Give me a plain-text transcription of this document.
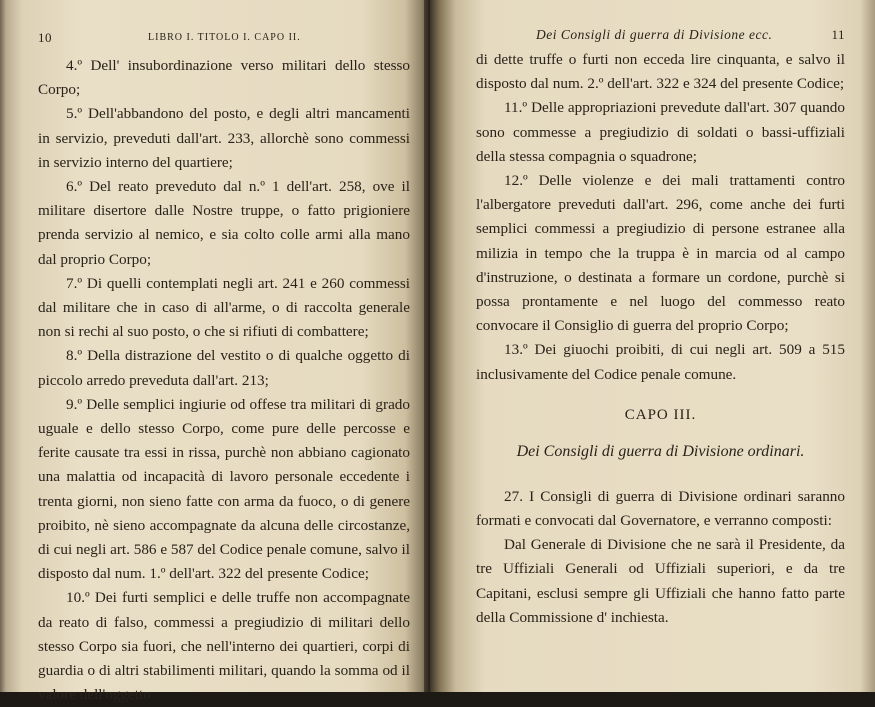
10	LIBRO I. TITOLO I. CAPO II.

4.º Dell' insubordinazione verso militari dello stesso Corpo;

5.º Dell'abbandono del posto, e degli altri mancamenti in servizio, preveduti dall'art. 233, allorchè sono commessi in servizio interno del quartiere;

6.º Del reato preveduto dal n.º 1 dell'art. 258, ove il militare disertore dalle Nostre truppe, o fatto prigioniere prenda servizio al nemico, e sia colto colle armi alla mano dal proprio Corpo;

7.º Di quelli contemplati negli art. 241 e 260 commessi dal militare che in caso di all'arme, o di raccolta generale non si rechi al suo posto, o che si rifiuti di combattere;

8.º Della distrazione del vestito o di qualche oggetto di piccolo arredo preveduta dall'art. 213;

9.º Delle semplici ingiurie od offese tra militari di grado uguale e dello stesso Corpo, come pure delle percosse e ferite causate tra essi in rissa, purchè non abbiano cagionato una malattia od incapacità di lavoro personale eccedente i trenta giorni, non sieno fatte con arma da fuoco, o di genere proibito, nè sieno accompagnate da alcuna delle circostanze, di cui negli art. 586 e 587 del Codice penale comune, salvo il disposto dal num. 1.º dell'art. 322 del presente Codice;

10.º Dei furti semplici e delle truffe non accompagnate da reato di falso, commessi a pregiudizio di militari dello stesso Corpo sia fuori, che nell'interno dei quartieri, corpi di guardia o di altri stabilimenti militari, quando la somma od il valore dell'oggetto

Dei Consigli di guerra di Divisione ecc.	11

di dette truffe o furti non ecceda lire cinquanta, e salvo il disposto dal num. 2.º dell'art. 322 e 324 del presente Codice;

11.º Delle appropriazioni prevedute dall'art. 307 quando sono commesse a pregiudizio di soldati o bassi-uffiziali della stessa compagnia o squadrone;

12.º Delle violenze e dei mali trattamenti contro l'albergatore preveduti dall'art. 296, come anche dei furti semplici commessi a pregiudizio di persone estranee alla milizia in tempo che la truppa è in marcia od al campo d'instruzione, o destinata a formare un cordone, purchè si possa prontamente e nel luogo del commesso reato convocare il Consiglio di guerra del proprio Corpo;

13.º Dei giuochi proibiti, di cui negli art. 509 a 515 inclusivamente del Codice penale comune.

CAPO III.
Dei Consigli di guerra di Divisione ordinari.

27. I Consigli di guerra di Divisione ordinari saranno formati e convocati dal Governatore, e verranno composti:

Dal Generale di Divisione che ne sarà il Presidente, da tre Uffiziali Generali od Uffiziali superiori, e da tre Capitani, esclusi sempre gli Uffiziali che hanno fatto parte della Commissione d' inchiesta.
